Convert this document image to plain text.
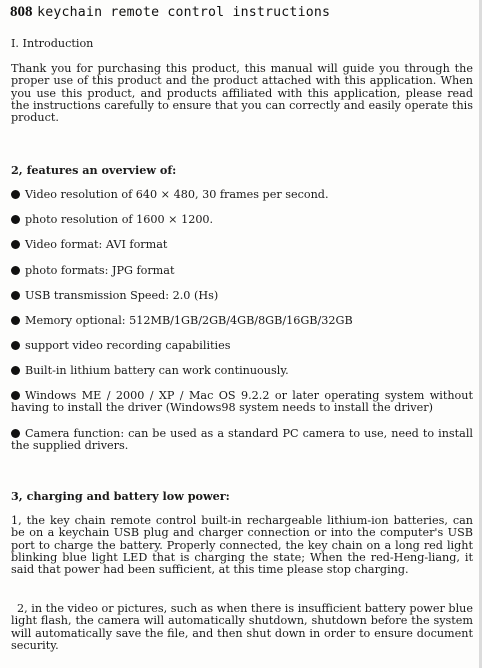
808 keychain remote control instructions
I. Introduction
Thank you for purchasing this product, this manual will guide you through the proper use of this product and the product attached with this application. When you use this product, and products affiliated with this application, please read the instructions carefully to ensure that you can correctly and easily operate this product.
2, features an overview of:
Video resolution of 640 × 480, 30 frames per second.
photo resolution of 1600 × 1200.
Video format: AVI format
photo formats: JPG format
USB transmission Speed: 2.0 (Hs)
Memory optional: 512MB/1GB/2GB/4GB/8GB/16GB/32GB
support video recording capabilities
Built-in lithium battery can work continuously.
Windows ME / 2000 / XP / Mac OS 9.2.2 or later operating system without having to install the driver (Windows98 system needs to install the driver)
Camera function: can be used as a standard PC camera to use, need to install the supplied drivers.
3, charging and battery low power:
1, the key chain remote control built-in rechargeable lithium-ion batteries, can be on a keychain USB plug and charger connection or into the computer's USB port to charge the battery. Properly connected, the key chain on a long red light blinking blue light LED that is charging the state; When the red-Heng-liang, it said that power had been sufficient, at this time please stop charging.
2, in the video or pictures, such as when there is insufficient battery power blue light flash, the camera will automatically shutdown, shutdown before the system will automatically save the file, and then shut down in order to ensure document security.
